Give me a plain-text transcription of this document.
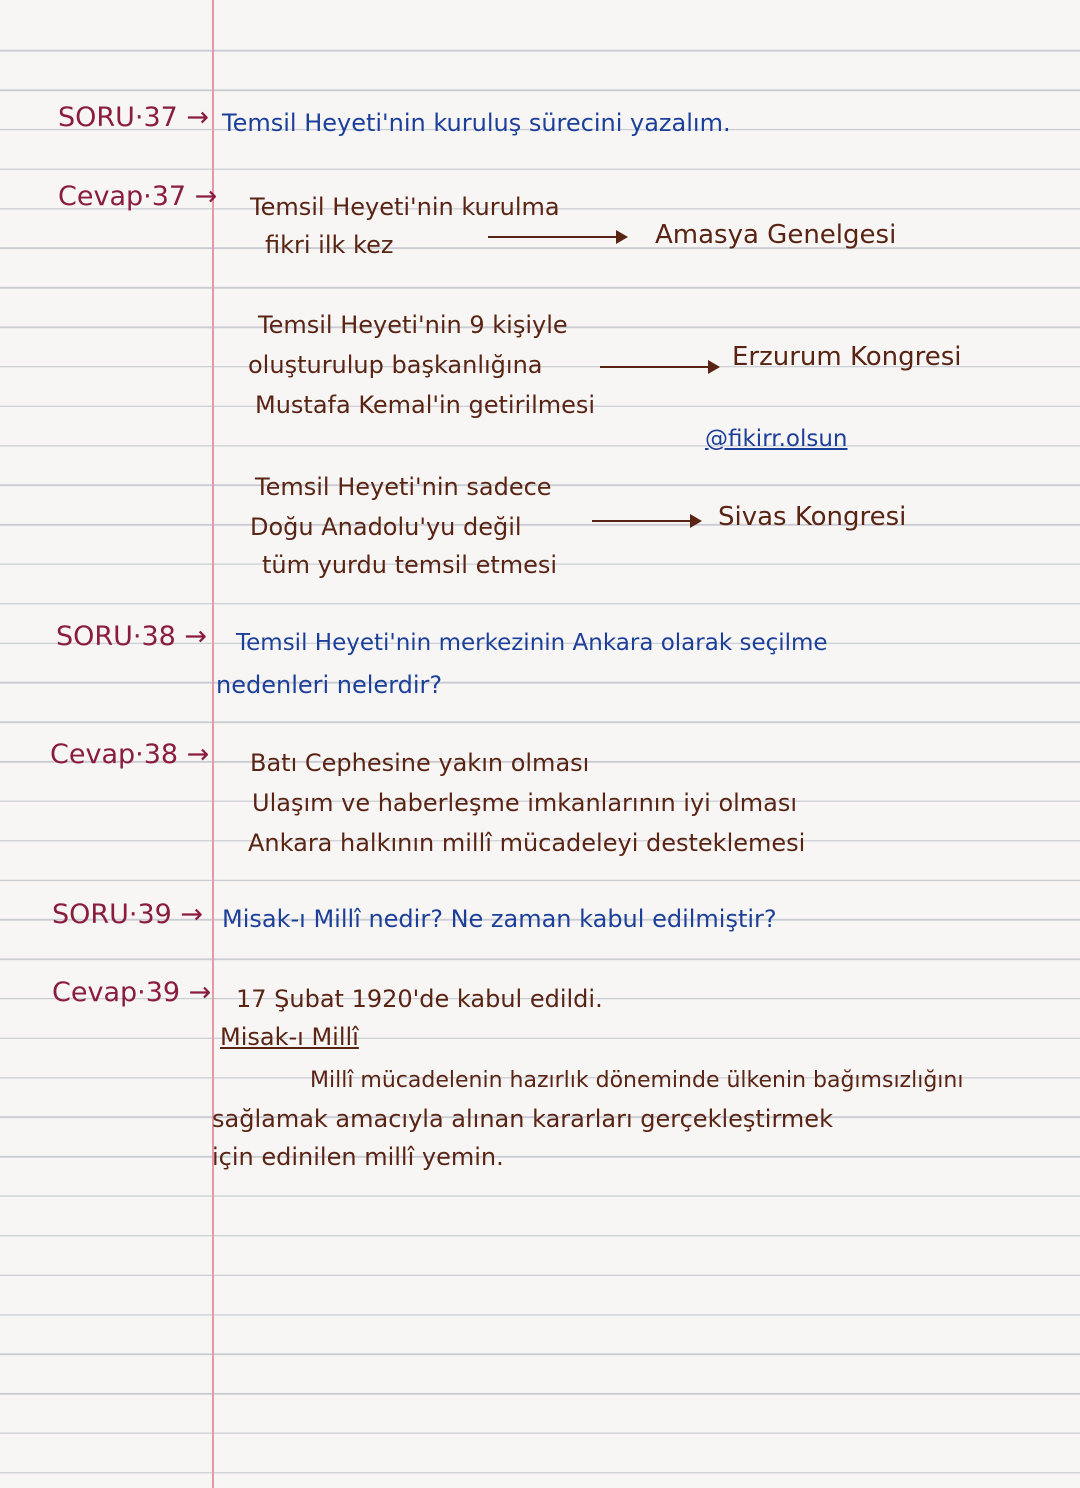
SORU·37 → Temsil Heyeti'nin kuruluş sürecini yazalım.
Cevap·37 → Temsil Heyeti'nin kurulma
fikri ilk kez	Amasya Genelgesi
Temsil Heyeti'nin 9 kişiyle
oluşturulup başkanlığına
Mustafa Kemal'in getirilmesi
Erzurum Kongresi
@fikirr.olsun
Temsil Heyeti'nin sadece
Doğu Anadolu'yu değil
tüm yurdu temsil etmesi
Sivas Kongresi
SORU·38 → Temsil Heyeti'nin merkezinin Ankara olarak seçilme
nedenleri nelerdir?
Cevap·38 → Batı Cephesine yakın olması
Ulaşım ve haberleşme imkanlarının iyi olması
Ankara halkının millî mücadeleyi desteklemesi
SORU·39 → Misak-ı Millî nedir? Ne zaman kabul edilmiştir?
Cevap·39 → 17 Şubat 1920'de kabul edildi.
Misak-ı Millî
Millî mücadelenin hazırlık döneminde ülkenin bağımsızlığını
sağlamak amacıyla alınan kararları gerçekleştirmek
için edinilen millî yemin.
